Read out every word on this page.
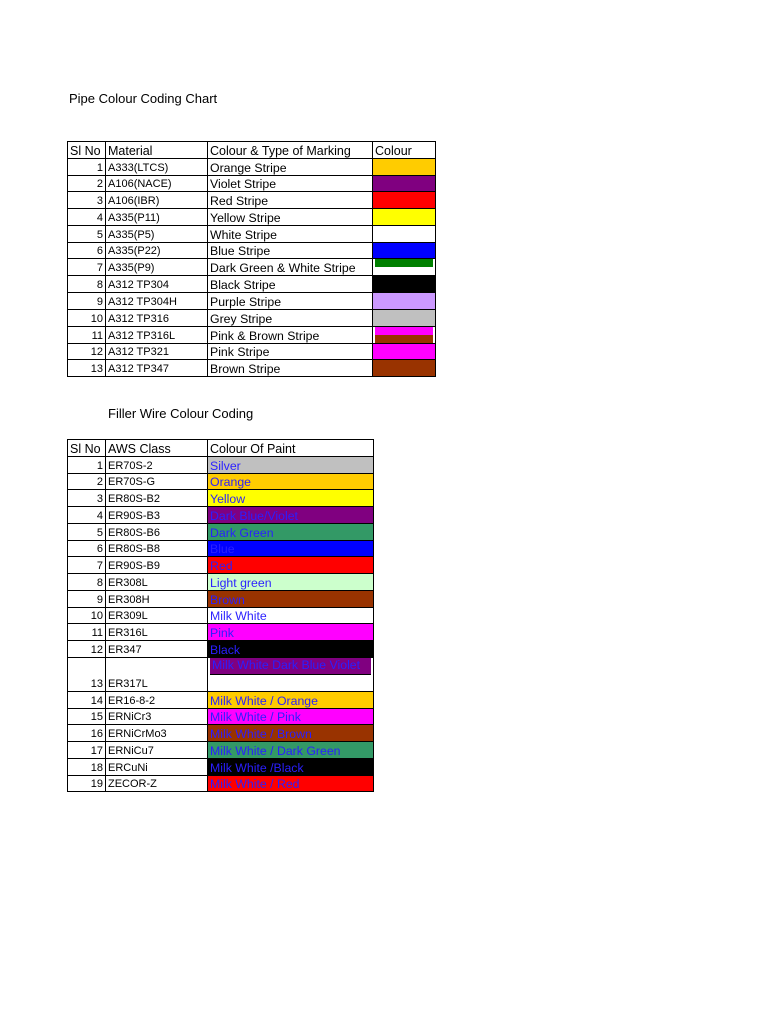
Pipe Colour Coding Chart
Sl No	Material	Colour & Type of Marking	Colour
1	A333(LTCS)	Orange Stripe	
2	A106(NACE)	Violet Stripe	
3	A106(IBR)	Red Stripe	
4	A335(P11)	Yellow Stripe	
5	A335(P5)	White Stripe	
6	A335(P22)	Blue Stripe	
7	A335(P9)	Dark Green & White Stripe	

8	A312 TP304	Black Stripe	
9	A312 TP304H	Purple Stripe	
10	A312 TP316	Grey Stripe	
11	A312 TP316L	Pink & Brown Stripe	

12	A312 TP321	Pink Stripe	
13	A312 TP347	Brown Stripe	
Filler Wire Colour Coding
Sl No	AWS Class	Colour Of Paint
1	ER70S-2	Silver
2	ER70S-G	Orange
3	ER80S-B2	Yellow
4	ER90S-B3	Dark Blue/Violet
5	ER80S-B6	Dark Green
6	ER80S-B8	Blue
7	ER90S-B9	Red
8	ER308L	Light green
9	ER308H	Brown
10	ER309L	Milk White
11	ER316L	Pink
12	ER347	Black
13	ER317L	Milk White Dark Blue Violet

14	ER16-8-2	Milk White / Orange
15	ERNiCr3	Milk White / Pink
16	ERNiCrMo3	Milk White / Brown
17	ERNiCu7	Milk White / Dark Green
18	ERCuNi	Milk White /Black
19	ZECOR-Z	Milk White / Red
